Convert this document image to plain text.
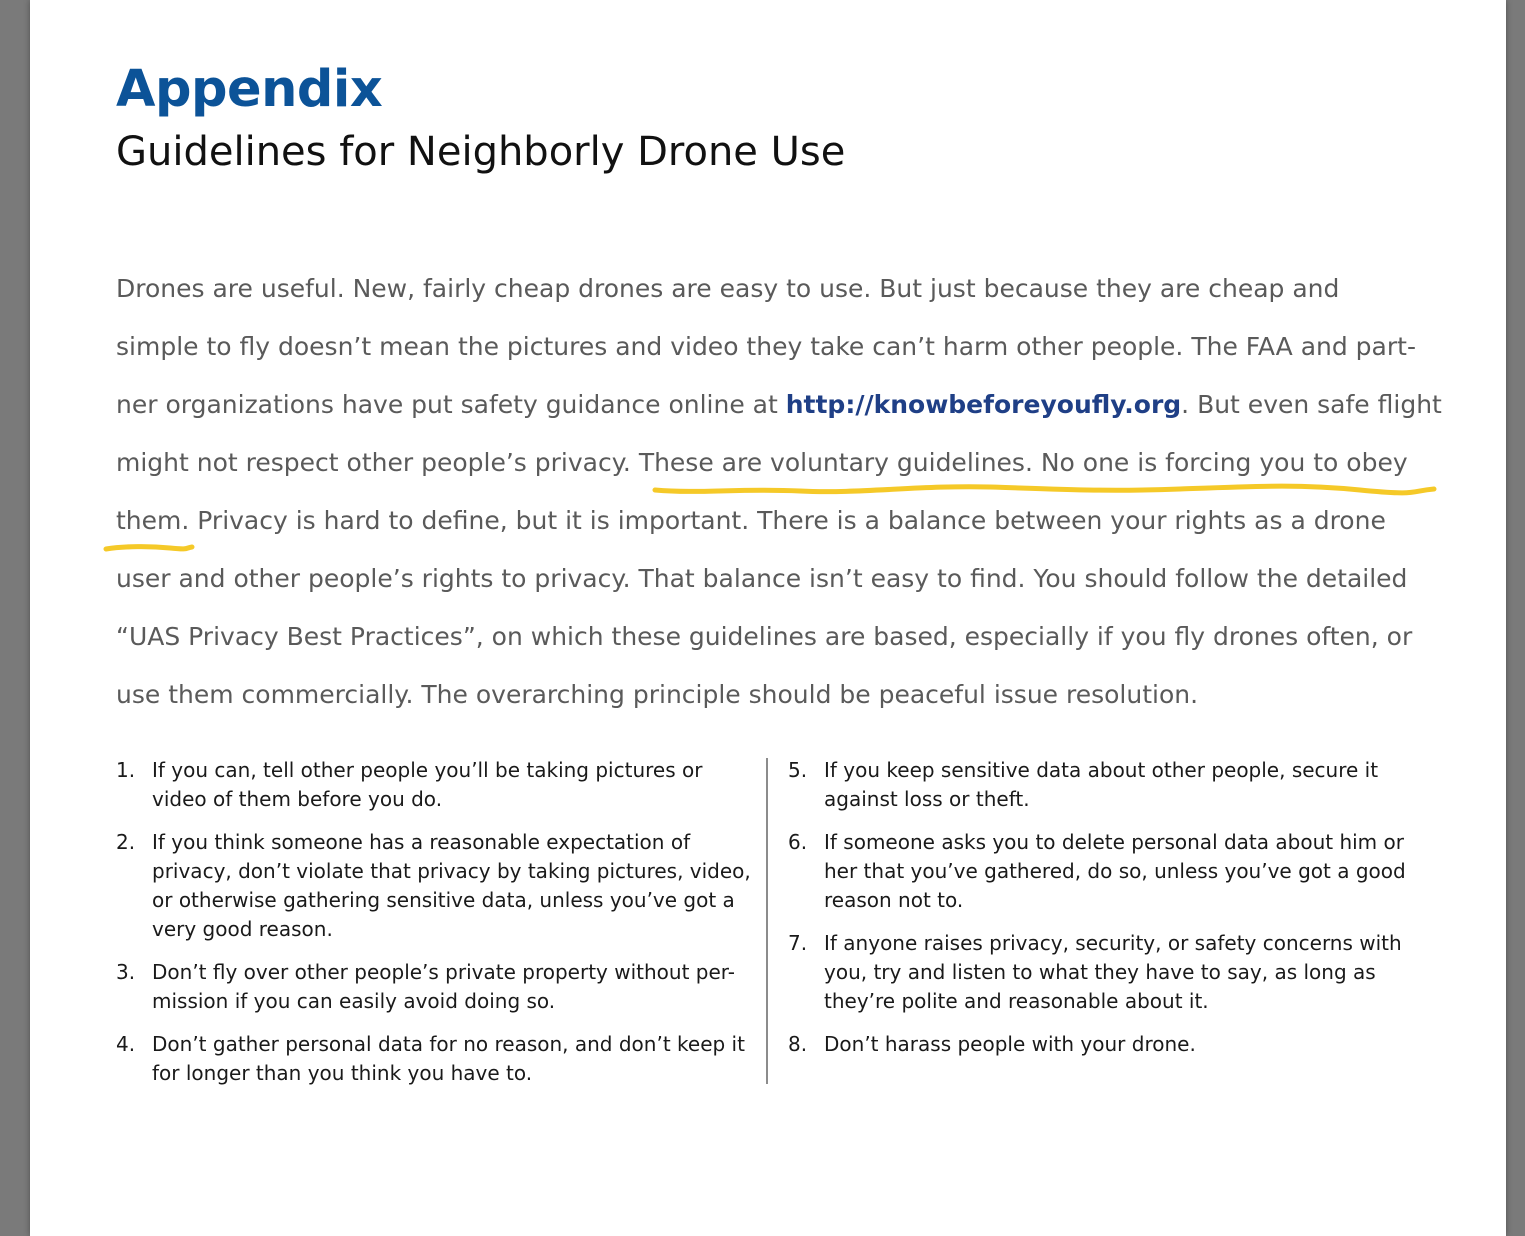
Appendix
Guidelines for Neighborly Drone Use
Drones are useful. New, fairly cheap drones are easy to use. But just because they are cheap and
simple to fly doesn’t mean the pictures and video they take can’t harm other people. The FAA and part-
ner organizations have put safety guidance online at http://knowbeforeyoufly.org. But even safe flight
might not respect other people’s privacy. These are voluntary guidelines. No one is forcing you to obey
them. Privacy is hard to define, but it is important. There is a balance between your rights as a drone
user and other people’s rights to privacy. That balance isn’t easy to find. You should follow the detailed
“UAS Privacy Best Practices”, on which these guidelines are based, especially if you fly drones often, or
use them commercially. The overarching principle should be peaceful issue resolution.
1. If you can, tell other people you’ll be taking pictures or video of them before you do.
2. If you think someone has a reasonable expectation of privacy, don’t violate that privacy by taking pictures, video, or otherwise gathering sensitive data, unless you’ve got a very good reason.
3. Don’t fly over other people’s private property without per-mission if you can easily avoid doing so.
4. Don’t gather personal data for no reason, and don’t keep it for longer than you think you have to.
5. If you keep sensitive data about other people, secure it against loss or theft.
6. If someone asks you to delete personal data about him or her that you’ve gathered, do so, unless you’ve got a good reason not to.
7. If anyone raises privacy, security, or safety concerns with you, try and listen to what they have to say, as long as they’re polite and reasonable about it.
8. Don’t harass people with your drone.
